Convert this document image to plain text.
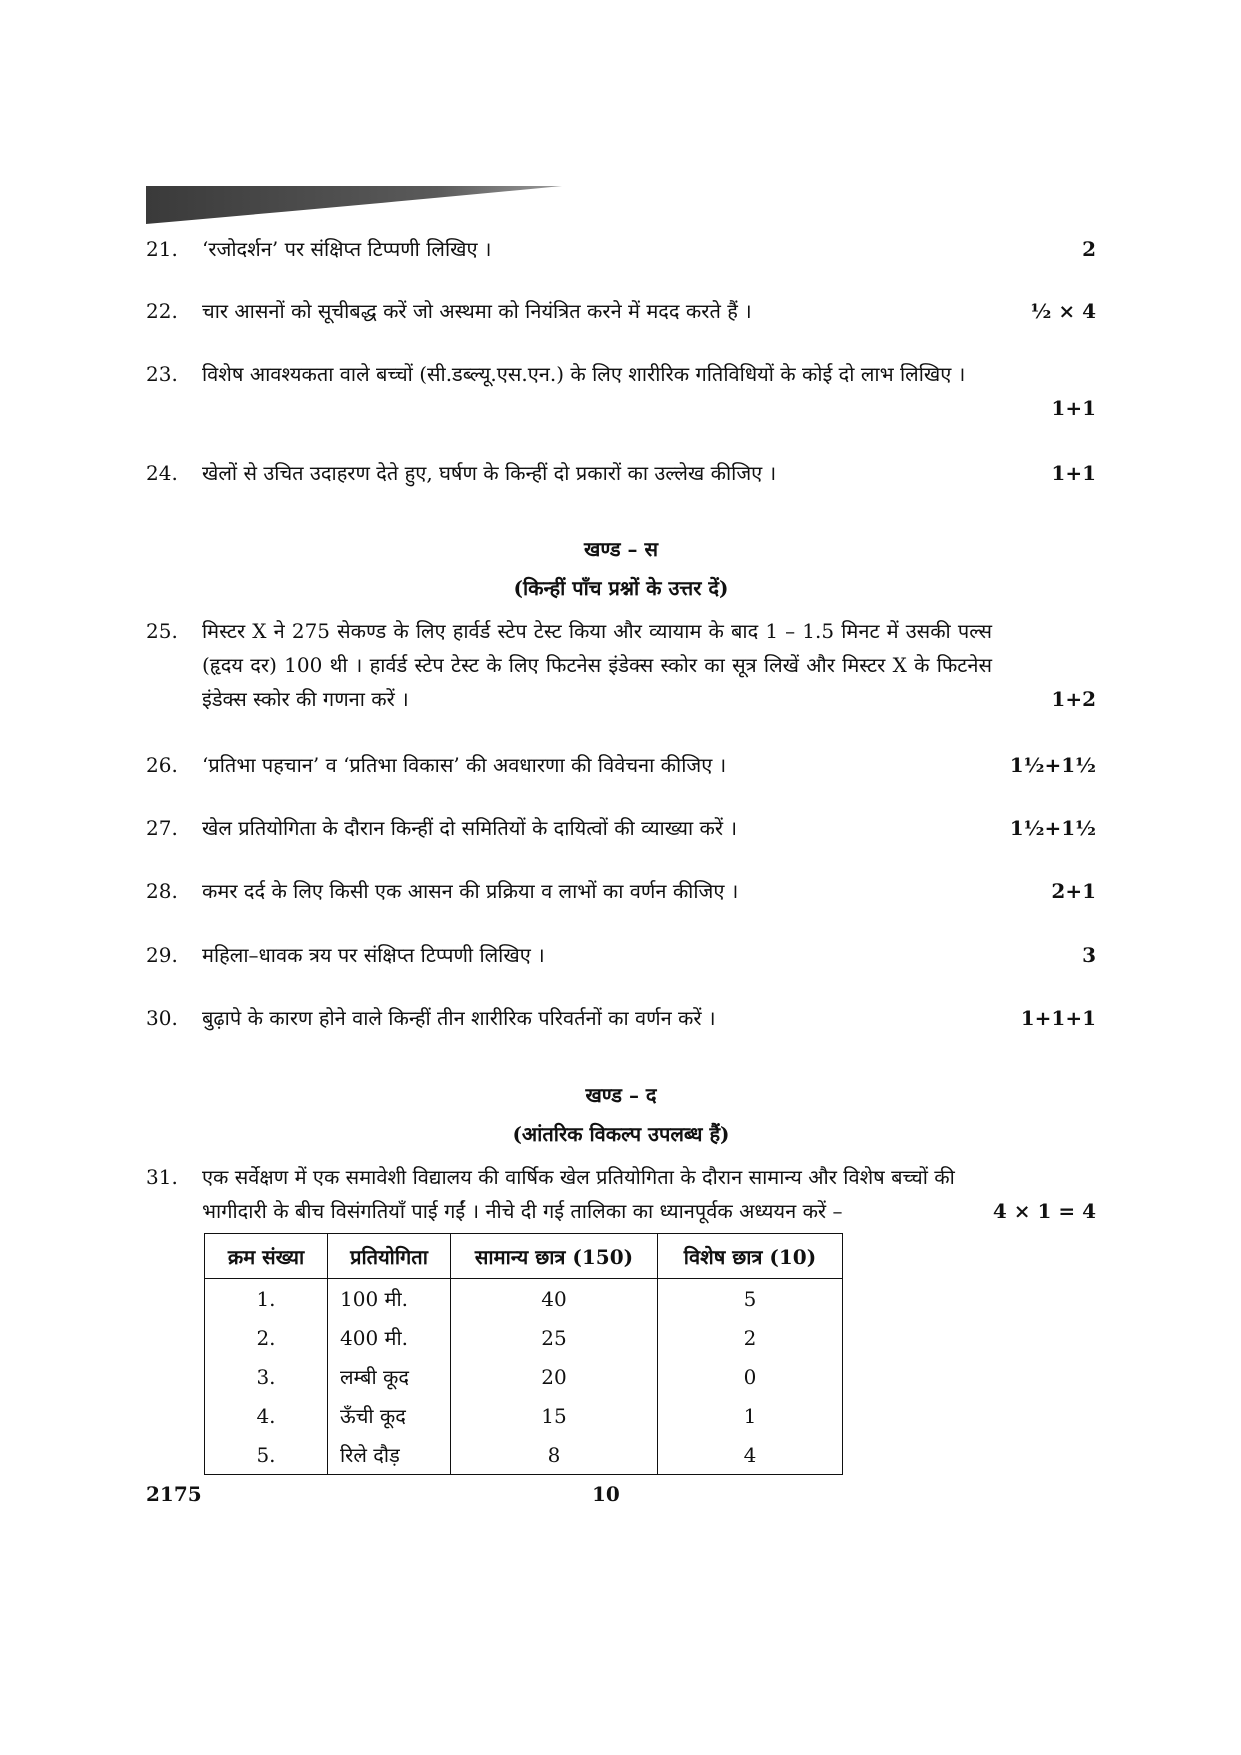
21.	‘रजोदर्शन’ पर संक्षिप्त टिप्पणी लिखिए ।	2
22.	चार आसनों को सूचीबद्ध करें जो अस्थमा को नियंत्रित करने में मदद करते हैं ।	½ × 4
23.	विशेष आवश्यकता वाले बच्चों (सी.डब्ल्यू.एस.एन.) के लिए शारीरिक गतिविधियों के कोई दो लाभ लिखिए ।
1+1
24.	खेलों से उचित उदाहरण देते हुए, घर्षण के किन्हीं दो प्रकारों का उल्लेख कीजिए ।	1+1
खण्ड – स
(किन्हीं पाँच प्रश्नों के उत्तर दें)
25.	मिस्टर X ने 275 सेकण्ड के लिए हार्वर्ड स्टेप टेस्ट किया और व्यायाम के बाद 1 – 1.5 मिनट में उसकी पल्स (हृदय दर) 100 थी । हार्वर्ड स्टेप टेस्ट के लिए फिटनेस इंडेक्स स्कोर का सूत्र लिखें और मिस्टर X के फिटनेस इंडेक्स स्कोर की गणना करें ।	1+2
26.	‘प्रतिभा पहचान’ व ‘प्रतिभा विकास’ की अवधारणा की विवेचना कीजिए ।	1½+1½
27.	खेल प्रतियोगिता के दौरान किन्हीं दो समितियों के दायित्वों की व्याख्या करें ।	1½+1½
28.	कमर दर्द के लिए किसी एक आसन की प्रक्रिया व लाभों का वर्णन कीजिए ।	2+1
29.	महिला–धावक त्रय पर संक्षिप्त टिप्पणी लिखिए ।	3
30.	बुढ़ापे के कारण होने वाले किन्हीं तीन शारीरिक परिवर्तनों का वर्णन करें ।	1+1+1
खण्ड – द
(आंतरिक विकल्प उपलब्ध हैं)
31.	एक सर्वेक्षण में एक समावेशी विद्यालय की वार्षिक खेल प्रतियोगिता के दौरान सामान्य और विशेष बच्चों की भागीदारी के बीच विसंगतियाँ पाई गईं । नीचे दी गई तालिका का ध्यानपूर्वक अध्ययन करें –	4 × 1 = 4
क्रम संख्या	प्रतियोगिता	सामान्य छात्र (150)	विशेष छात्र (10)
1.	100 मी.	40	5
2.	400 मी.	25	2
3.	लम्बी कूद	20	0
4.	ऊँची कूद	15	1
5.	रिले दौड़	8	4
2175	10
